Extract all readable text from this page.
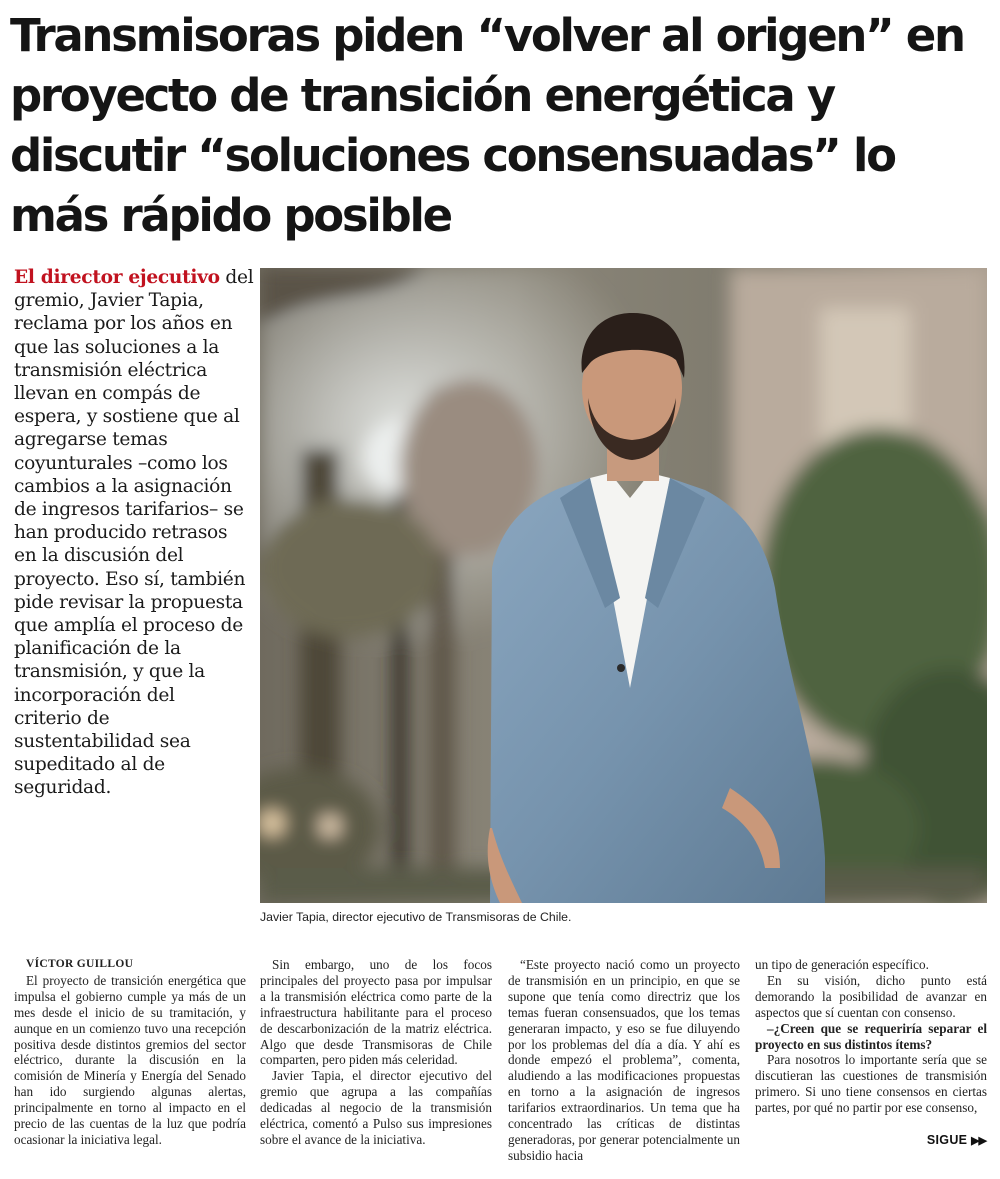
Transmisoras piden “volver al origen” en
proyecto de transición energética y
discutir “soluciones consensuadas” lo
más rápido posible
El director ejecutivo del
gremio, Javier Tapia,
reclama por los años en
que las soluciones a la
transmisión eléctrica
llevan en compás de
espera, y sostiene que al
agregarse temas
coyunturales –como los
cambios a la asignación
de ingresos tarifarios– se
han producido retrasos
en la discusión del
proyecto. Eso sí, también
pide revisar la propuesta
que amplía el proceso de
planificación de la
transmisión, y que la
incorporación del
criterio de
sustentabilidad sea
supeditado al de
seguridad.
Javier Tapia, director ejecutivo de Transmisoras de Chile.

VÍCTOR GUILLOU

El proyecto de transición energética que impulsa el gobierno cumple ya más de un mes desde el inicio de su tramitación, y aunque en un comienzo tuvo una recepción positiva desde distintos gremios del sector eléctrico, durante la discusión en la comisión de Minería y Energía del Senado han ido surgiendo algunas alertas, principalmente en torno al impacto en el precio de las cuentas de la luz que podría ocasionar la iniciativa legal.

Sin embargo, uno de los focos principales del proyecto pasa por impulsar a la transmisión eléctrica como parte de la infraestructura habilitante para el proceso de descarbonización de la matriz eléctrica. Algo que desde Transmisoras de Chile comparten, pero piden más celeridad.

Javier Tapia, el director ejecutivo del gremio que agrupa a las compañías dedicadas al negocio de la transmisión eléctrica, comentó a Pulso sus impresiones sobre el avance de la iniciativa.

“Este proyecto nació como un proyecto de transmisión en un principio, en que se supone que tenía como directriz que los temas fueran consensuados, que los temas generaran impacto, y eso se fue diluyendo por los problemas del día a día. Y ahí es donde empezó el problema”, comenta, aludiendo a las modificaciones propuestas en torno a la asignación de ingresos tarifarios extraordinarios. Un tema que ha concentrado las críticas de distintas generadoras, por generar potencialmente un subsidio hacia

un tipo de generación específico.

En su visión, dicho punto está demorando la posibilidad de avanzar en aspectos que sí cuentan con consenso.

–¿Creen que se requeriría separar el proyecto en sus distintos ítems?

Para nosotros lo importante sería que se discutieran las cuestiones de transmisión primero. Si uno tiene consensos en ciertas partes, por qué no partir por ese consenso,

SIGUE ▶▶
